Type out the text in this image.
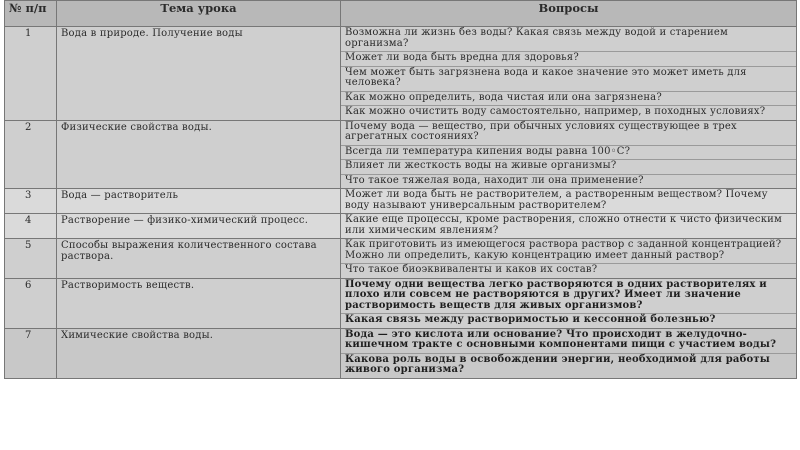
№ п/п	Тема урока	Вопросы
1	Вода в природе. Получение воды	Возможна ли жизнь без воды? Какая связь между водой и старением организма?
Может ли вода быть вредна для здоровья?
Чем может быть загрязнена вода и какое значение это может иметь для человека?
Как можно определить, вода чистая или она загрязнена?
Как можно очистить воду самостоятельно, например, в походных условиях?

2	Физические свойства воды.	Почему вода — вещество, при обычных условиях существующее в трех агрегатных состояниях?
Всегда ли температура кипения воды равна 100◦С?
Влияет ли жесткость воды на живые организмы?
Что такое тяжелая вода, находит ли она применение?

3	Вода — растворитель	Может ли вода быть не растворителем, а растворенным веществом? Почему воду называют универсальным растворителем?

4	Растворение — физико-химический процесс.	Какие еще процессы, кроме растворения, сложно отнести к чисто физическим или химическим явлениям?

5	Способы выражения количественного состава раствора.	Как приготовить из имеющегося раствора раствор с заданной концентрацией? Можно ли определить, какую концентрацию имеет данный раствор?
Что такое биоэквиваленты и каков их состав?

6	Растворимость веществ.	Почему одни вещества легко растворяются в одних растворителях и плохо или совсем не растворяются в других? Имеет ли значение растворимость веществ для живых организмов?
Какая связь между растворимостью и кессонной болезнью?

7	Химические свойства воды.	Вода — это кислота или основание? Что происходит в желудочно-кишечном тракте с основными компонентами пищи с участием воды?
Какова роль воды в освобождении энергии, необходимой для работы живого организма?
